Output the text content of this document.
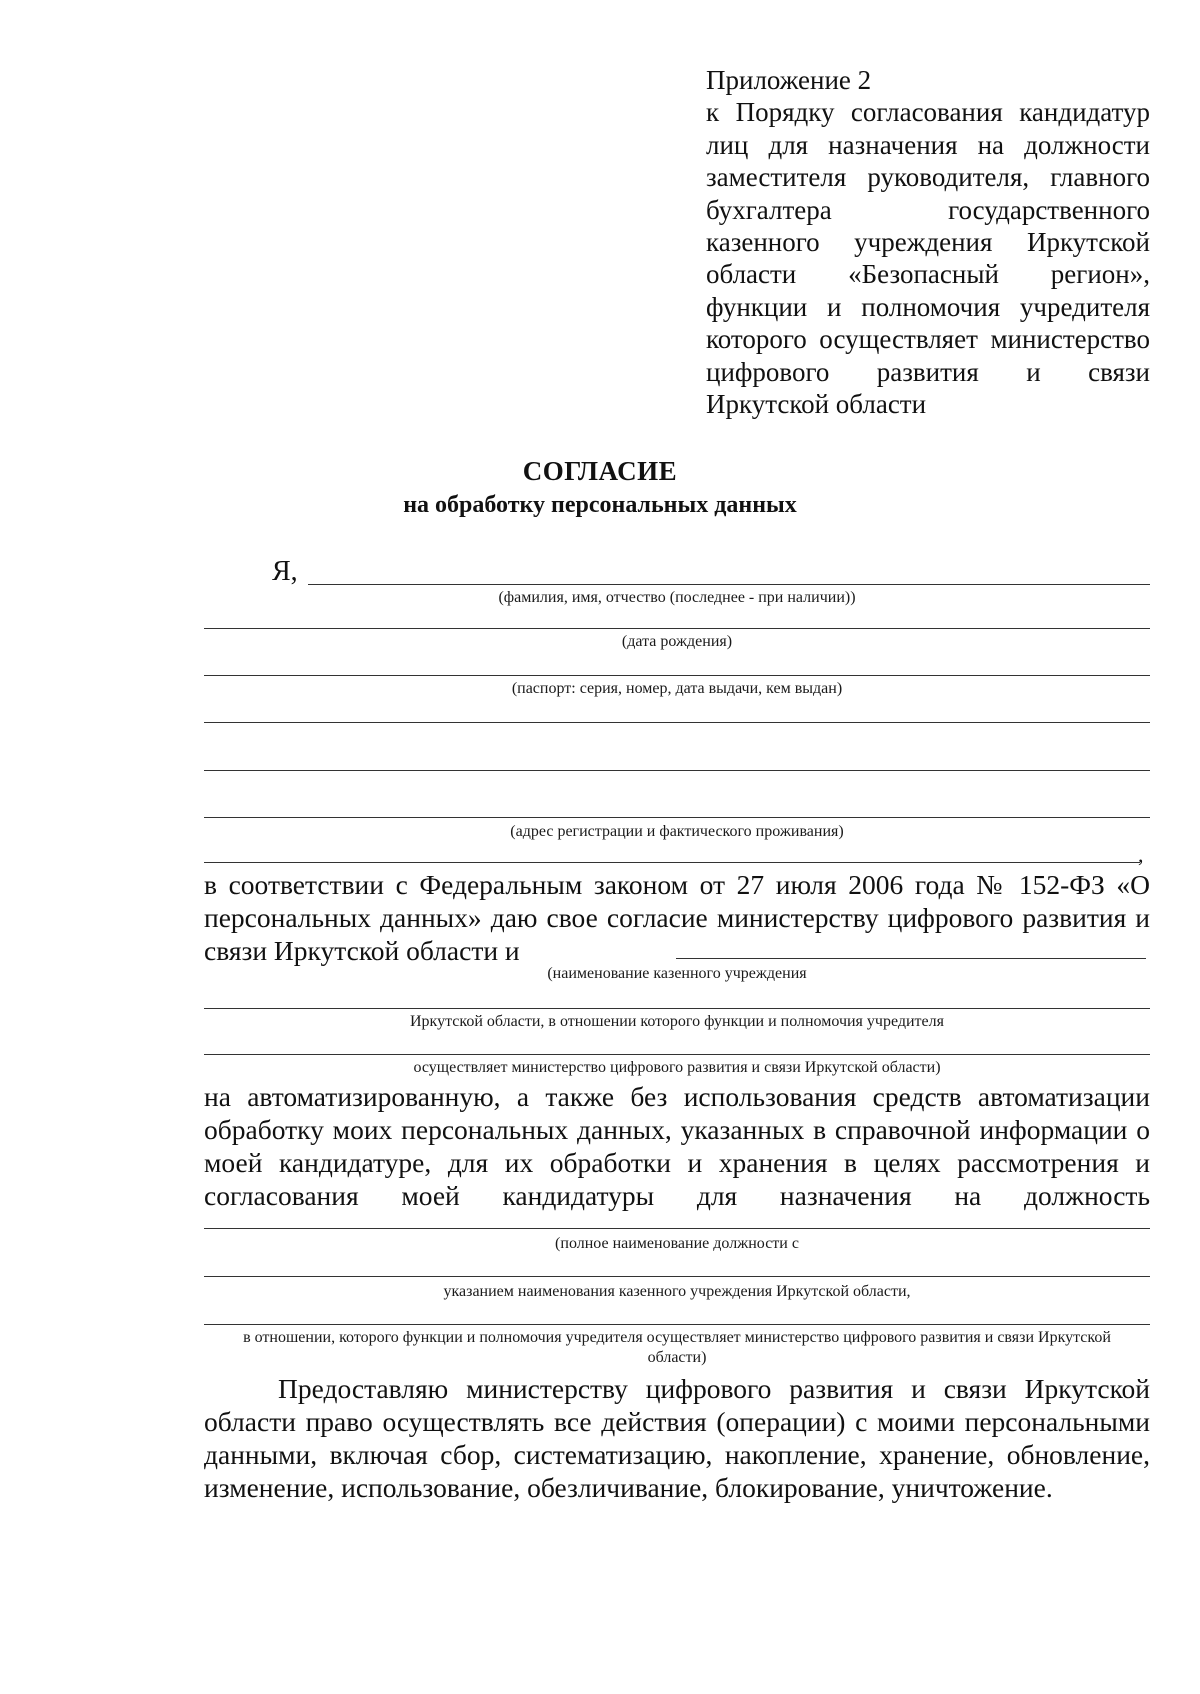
Приложение 2
к Порядку согласования кандидатур лиц для назначения на должности заместителя руководителя, главного бухгалтера государственного казенного учреждения Иркутской области «Безопасный регион», функции и полномочия учредителя которого осуществляет министерство цифрового развития и связи Иркутской области
СОГЛАСИЕ
на обработку персональных данных
Я,
(фамилия, имя, отчество (последнее - при наличии))
(дата рождения)
(паспорт: серия, номер, дата выдачи, кем выдан)
(адрес регистрации и фактического проживания)
,
в соответствии с Федеральным законом от 27 июля 2006 года № 152-ФЗ «О персональных данных» даю свое согласие министерству цифрового развития и связи Иркутской области и
(наименование казенного учреждения
Иркутской области, в отношении которого функции и полномочия учредителя
осуществляет министерство цифрового развития и связи Иркутской области)
на автоматизированную, а также без использования средств автоматизации обработку моих персональных данных, указанных в справочной информации о моей кандидатуре, для их обработки и хранения в целях рассмотрения и согласования моей кандидатуры для назначения на должность
(полное наименование должности с
указанием наименования казенного учреждения Иркутской области,
в отношении, которого функции и полномочия учредителя осуществляет министерство цифрового развития и связи Иркутской области)
Предоставляю министерству цифрового развития и связи Иркутской области право осуществлять все действия (операции) с моими персональными данными, включая сбор, систематизацию, накопление, хранение, обновление, изменение, использование, обезличивание, блокирование, уничтожение.
